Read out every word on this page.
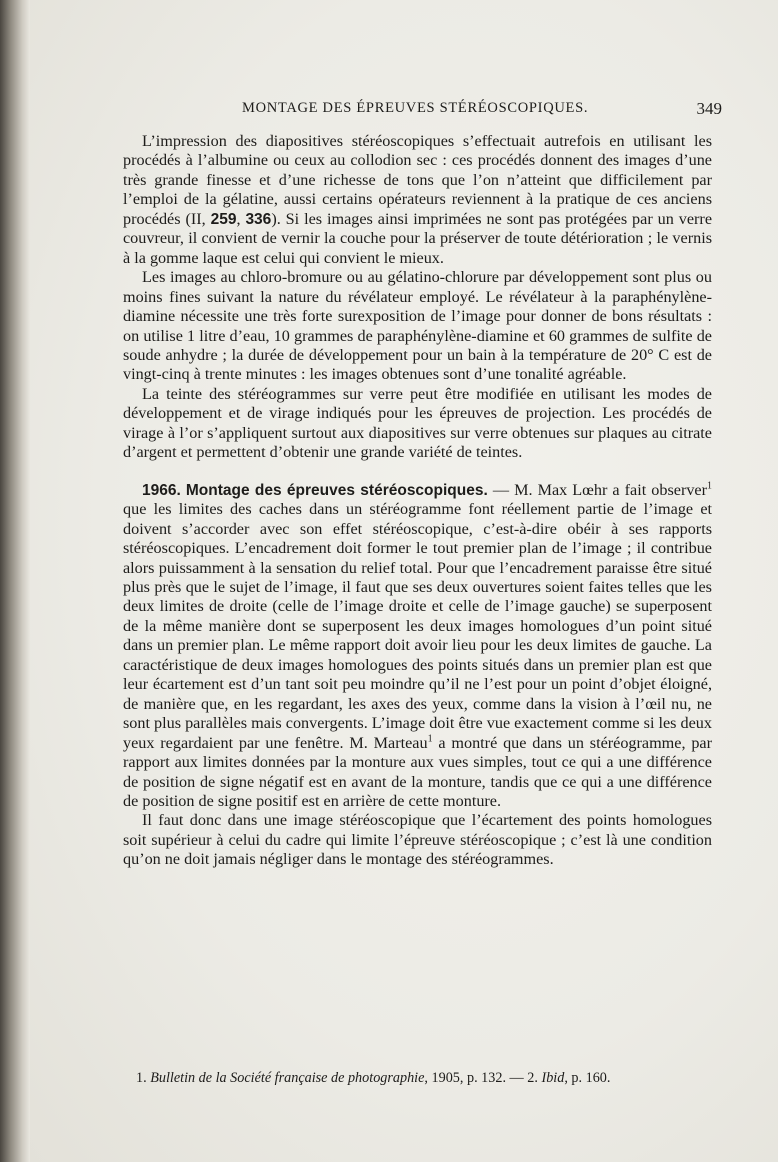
MONTAGE DES ÉPREUVES STÉRÉOSCOPIQUES.	349

L’impression des diapositives stéréoscopiques s’effectuait autrefois en utilisant les procédés à l’albumine ou ceux au collodion sec : ces procédés donnent des images d’une très grande finesse et d’une richesse de tons que l’on n’atteint que difficilement par l’emploi de la gélatine, aussi certains opérateurs reviennent à la pratique de ces anciens procédés (II, 259, 336). Si les images ainsi imprimées ne sont pas protégées par un verre couvreur, il convient de vernir la couche pour la préserver de toute détérioration ; le vernis à la gomme laque est celui qui convient le mieux.

Les images au chloro-bromure ou au gélatino-chlorure par développement sont plus ou moins fines suivant la nature du révélateur employé. Le révélateur à la paraphénylène-diamine nécessite une très forte surexposition de l’image pour donner de bons résultats : on utilise 1 litre d’eau, 10 grammes de paraphénylène-diamine et 60 grammes de sulfite de soude anhydre ; la durée de développement pour un bain à la température de 20° C est de vingt-cinq à trente minutes : les images obtenues sont d’une tonalité agréable.

La teinte des stéréogrammes sur verre peut être modifiée en utilisant les modes de développement et de virage indiqués pour les épreuves de projection. Les procédés de virage à l’or s’appliquent surtout aux diapositives sur verre obtenues sur plaques au citrate d’argent et permettent d’obtenir une grande variété de teintes.

1966. Montage des épreuves stéréoscopiques. — M. Max Lœhr a fait observer$^1$ que les limites des caches dans un stéréogramme font réellement partie de l’image et doivent s’accorder avec son effet stéréoscopique, c’est-à-dire obéir à ses rapports stéréoscopiques. L’encadrement doit former le tout premier plan de l’image ; il contribue alors puissamment à la sensation du relief total. Pour que l’encadrement paraisse être situé plus près que le sujet de l’image, il faut que ses deux ouvertures soient faites telles que les deux limites de droite (celle de l’image droite et celle de l’image gauche) se superposent de la même manière dont se superposent les deux images homologues d’un point situé dans un premier plan. Le même rapport doit avoir lieu pour les deux limites de gauche. La caractéristique de deux images homologues des points situés dans un premier plan est que leur écartement est d’un tant soit peu moindre qu’il ne l’est pour un point d’objet éloigné, de manière que, en les regardant, les axes des yeux, comme dans la vision à l’œil nu, ne sont plus parallèles mais convergents. L’image doit être vue exactement comme si les deux yeux regardaient par une fenêtre. M. Marteau$^1$ a montré que dans un stéréogramme, par rapport aux limites données par la monture aux vues simples, tout ce qui a une différence de position de signe négatif est en avant de la monture, tandis que ce qui a une différence de position de signe positif est en arrière de cette monture.

Il faut donc dans une image stéréoscopique que l’écartement des points homologues soit supérieur à celui du cadre qui limite l’épreuve stéréoscopique ; c’est là une condition qu’on ne doit jamais négliger dans le montage des stéréogrammes.

1. Bulletin de la Société française de photographie, 1905, p. 132. — 2. Ibid, p. 160.
